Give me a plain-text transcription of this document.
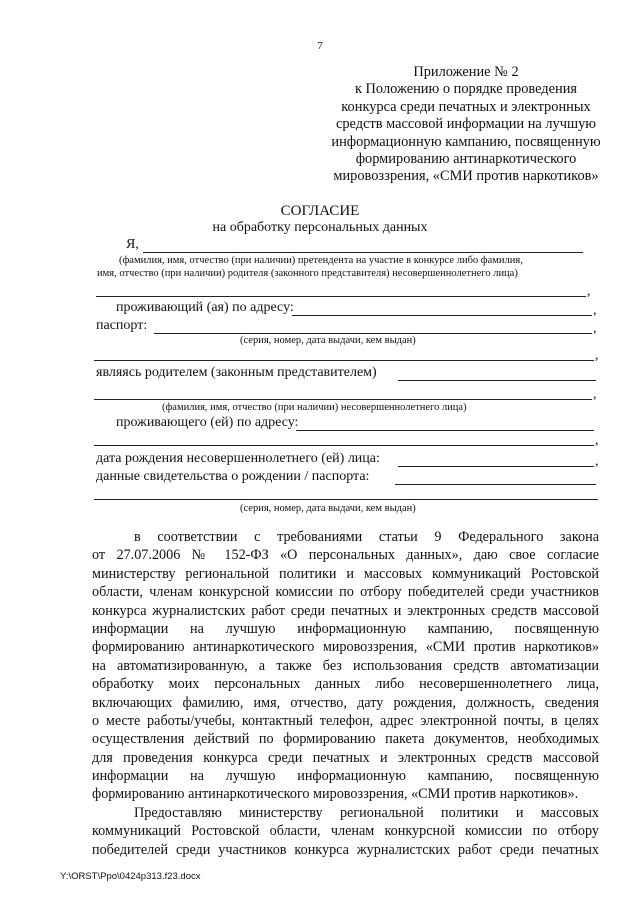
7
Приложение № 2
к Положению о порядке проведения
конкурса среди печатных и электронных
средств массовой информации на лучшую
информационную кампанию, посвященную
формированию антинаркотического
мировоззрения, «СМИ против наркотиков»
СОГЛАСИЕ
на обработку персональных данных
Я,
(фамилия, имя, отчество (при наличии) претендента на участие в конкурсе либо фамилия,
имя, отчество (при наличии) родителя (законного представителя) несовершеннолетнего лица)
,
проживающий (ая) по адресу:	,
паспорт:	,
(серия, номер, дата выдачи, кем выдан)
,
являясь родителем (законным представителем)
,
(фамилия, имя, отчество (при наличии) несовершеннолетнего лица)
проживающего (ей) по адресу:
,
дата рождения несовершеннолетнего (ей) лица:	,
данные свидетельства о рождении / паспорта:
(серия, номер, дата выдачи, кем выдан)
в соответствии с требованиями статьи 9 Федерального закона
от 27.07.2006 № 152-ФЗ «О персональных данных», даю свое согласие
министерству региональной политики и массовых коммуникаций Ростовской
области, членам конкурсной комиссии по отбору победителей среди участников
конкурса журналистских работ среди печатных и электронных средств массовой
информации на лучшую информационную кампанию, посвященную
формированию антинаркотического мировоззрения, «СМИ против наркотиков»
на автоматизированную, а также без использования средств автоматизации
обработку моих персональных данных либо несовершеннолетнего лица,
включающих фамилию, имя, отчество, дату рождения, должность, сведения
о месте работы/учебы, контактный телефон, адрес электронной почты, в целях
осуществления действий по формированию пакета документов, необходимых
для проведения конкурса среди печатных и электронных средств массовой
информации на лучшую информационную кампанию, посвященную
формированию антинаркотического мировоззрения, «СМИ против наркотиков».
Предоставляю министерству региональной политики и массовых
коммуникаций Ростовской области, членам конкурсной комиссии по отбору
победителей среди участников конкурса журналистских работ среди печатных
Y:\ORST\Ppo\0424p313.f23.docx
